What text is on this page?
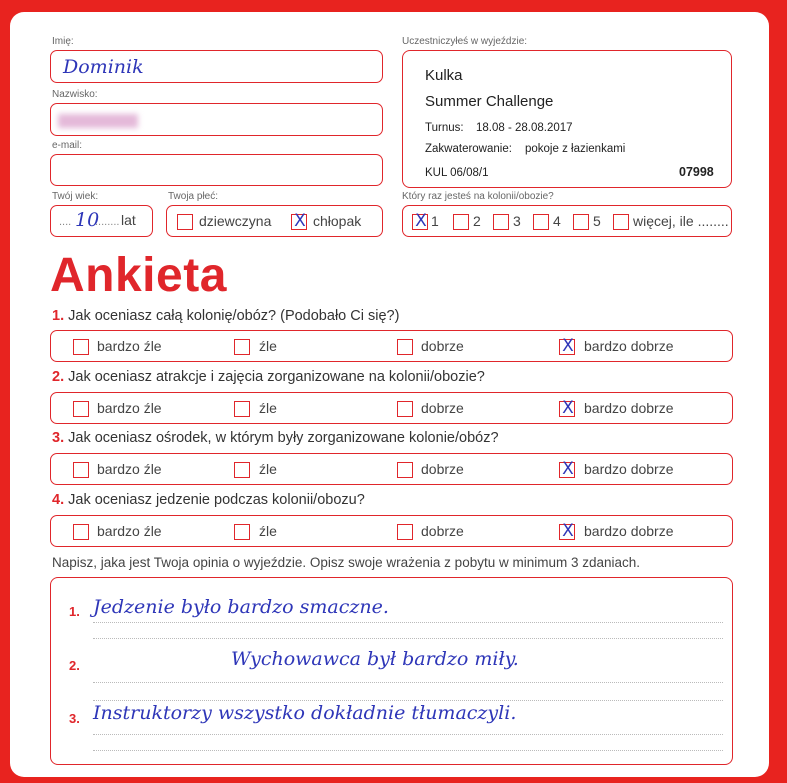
Imię:
Dominik
Nazwisko:
e-mail:
Twój wiek:
.... 10
........ lat
Twoja płeć:
dziewczyna X chłopak
Uczestniczyłeś w wyjeździe:
Kulka
Summer Challenge
Turnus: 18.08 - 28.08.2017
Zakwaterowanie: pokoje z łazienkami
KUL 06/08/1	07998
Który raz jesteś na kolonii/obozie?
X 1 2 3 4 5 więcej, ile ........
Ankieta
1. Jak oceniasz całą kolonię/obóz? (Podobało Ci się?)
bardzo źle	źle	dobrze	X bardzo dobrze
2. Jak oceniasz atrakcje i zajęcia zorganizowane na kolonii/obozie?
bardzo źle	źle	dobrze	X bardzo dobrze
3. Jak oceniasz ośrodek, w którym były zorganizowane kolonie/obóz?
bardzo źle	źle	dobrze	X bardzo dobrze
4. Jak oceniasz jedzenie podczas kolonii/obozu?
bardzo źle	źle	dobrze	X bardzo dobrze
Napisz, jaka jest Twoja opinia o wyjeździe. Opisz swoje wrażenia z pobytu w minimum 3 zdaniach.
1. Jedzenie było bardzo smaczne.
2.	Wychowawca był bardzo miły.
3. Instruktorzy wszystko dokładnie tłumaczyli.
